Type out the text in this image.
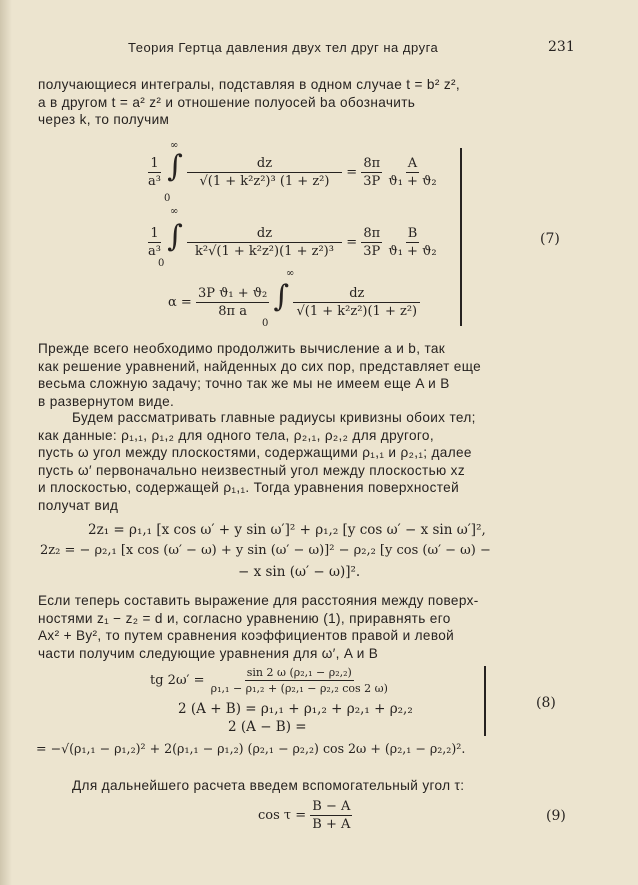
Теория Гертца давления двух тел друг на друга	231

получающиеся интегралы, подставляя в одном случае t = b² z²,
а в другом t = a² z² и отношение полуосей ba обозначить
через k, то получим

$\frac{1}{\text{a³}}$ ∫ $\frac{dz}{\text{√(1 + k²z²)³ (1 + z²)}} = \frac{8\pi}{3P}$
$\frac{A}{\text{ϑ₁ + ϑ₂}}$
∞
0
$\frac{1}{\text{a³}}$ ∫ $\frac{dz}{\text{k²√(1 + k²z²)(1 + z²)³}} = \frac{8\pi}{3P}$
$\frac{B}{\text{ϑ₁ + ϑ₂}}$
∞
0
$\alpha = \frac{\text{3P ϑ₁ + ϑ₂}}{\text{8π a}}$ ∫ $\frac{dz}{\text{√(1 + k²z²)(1 + z²)}}$
∞
0
(7)

Прежде всего необходимо продолжить вычисление a и b, так
как решение уравнений, найденных до сих пор, представляет еще
весьма сложную задачу; точно так же мы не имеем еще A и B
в развернутом виде.

Будем рассматривать главные радиусы кривизны обоих тел;
как данные: ρ₁,₁, ρ₁,₂ для одного тела, ρ₂,₁, ρ₂,₂ для другого,
пусть ω угол между плоскостями, содержащими ρ₁,₁ и ρ₂,₁; далее
пусть ω′ первоначально неизвестный угол между плоскостью xz
и плоскостью, содержащей ρ₁,₁. Тогда уравнения поверхностей
получат вид

2z₁ = ρ₁,₁ [x cos ω′ + y sin ω′]² + ρ₁,₂ [y cos ω′ − x sin ω′]²,
2z₂ = − ρ₂,₁ [x cos (ω′ − ω) + y sin (ω′ − ω)]² − ρ₂,₂ [y cos (ω′ − ω) −
− x sin (ω′ − ω)]².

Если теперь составить выражение для расстояния между поверх-
ностями z₁ − z₂ = d и, согласно уравнению (1), приравнять его
Ax² + By², то путем сравнения коэффициентов правой и левой
части получим следующие уравнения для ω′, A и B

tg $2\omega' = \frac{\text{sin 2 ω (ρ₂,₁ − ρ₂,₂)}}{\text{ρ₁,₁ − ρ₁,₂ + (ρ₂,₁ − ρ₂,₂ cos 2 ω)}}$
2 (A + B) = ρ₁,₁ + ρ₁,₂ + ρ₂,₁ + ρ₂,₂
2 (A − B) =
(8)
= −√(ρ₁,₁ − ρ₁,₂)² + 2(ρ₁,₁ − ρ₁,₂) (ρ₂,₁ − ρ₂,₂) cos 2ω + (ρ₂,₁ − ρ₂,₂)².

Для дальнейшего расчета введем вспомогательный угол τ:

$\cos \tau = \frac{B - A}{B + A}$	(9)
